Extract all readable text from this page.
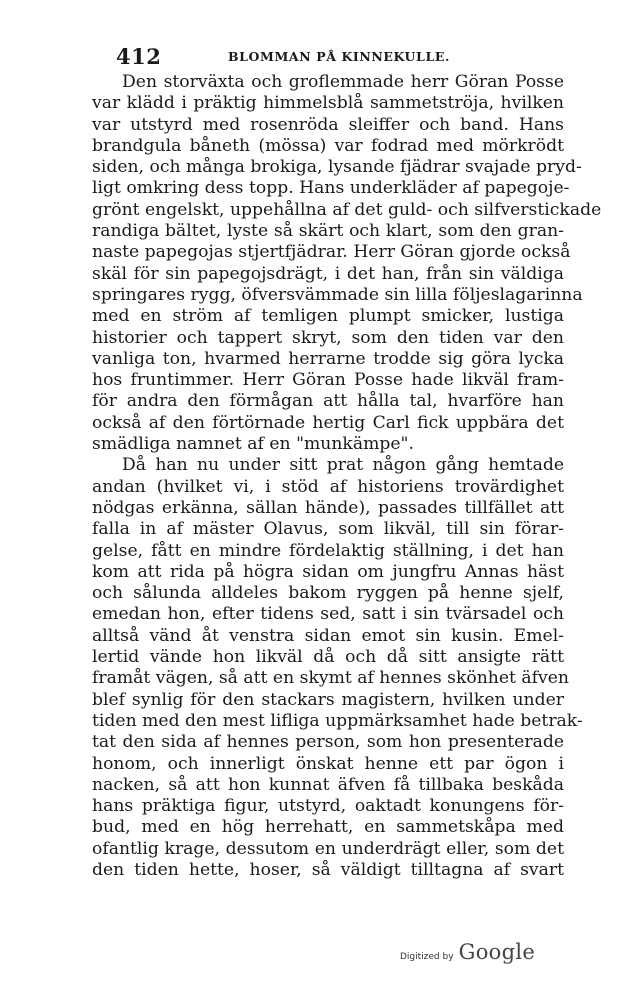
412	BLOMMAN PÅ KINNEKULLE.
Den storväxta och groflemmade herr Göran Posse
var klädd i präktig himmelsblå sammetströja, hvilken
var utstyrd med rosenröda sleiffer och band. Hans
brandgula båneth (mössa) var fodrad med mörkrödt
siden, och många brokiga, lysande fjädrar svajade pryd-
ligt omkring dess topp. Hans underkläder af papegoje-
grönt engelskt, uppehållna af det guld- och silfverstickade
randiga bältet, lyste så skärt och klart, som den gran-
naste papegojas stjertfjädrar. Herr Göran gjorde också
skäl för sin papegojsdrägt, i det han, från sin väldiga
springares rygg, öfversvämmade sin lilla följeslagarinna
med en ström af temligen plumpt smicker, lustiga
historier och tappert skryt, som den tiden var den
vanliga ton, hvarmed herrarne trodde sig göra lycka
hos fruntimmer. Herr Göran Posse hade likväl fram-
för andra den förmågan att hålla tal, hvarföre han
också af den förtörnade hertig Carl fick uppbära det
smädliga namnet af en "munkämpe".
Då han nu under sitt prat någon gång hemtade
andan (hvilket vi, i stöd af historiens trovärdighet
nödgas erkänna, sällan hände), passades tillfället att
falla in af mäster Olavus, som likväl, till sin förar-
gelse, fått en mindre fördelaktig ställning, i det han
kom att rida på högra sidan om jungfru Annas häst
och sålunda alldeles bakom ryggen på henne sjelf,
emedan hon, efter tidens sed, satt i sin tvärsadel och
alltså vänd åt venstra sidan emot sin kusin. Emel-
lertid vände hon likväl då och då sitt ansigte rätt
framåt vägen, så att en skymt af hennes skönhet äfven
blef synlig för den stackars magistern, hvilken under
tiden med den mest lifliga uppmärksamhet hade betrak-
tat den sida af hennes person, som hon presenterade
honom, och innerligt önskat henne ett par ögon i
nacken, så att hon kunnat äfven få tillbaka beskåda
hans präktiga figur, utstyrd, oaktadt konungens för-
bud, med en hög herrehatt, en sammetskåpa med
ofantlig krage, dessutom en underdrägt eller, som det
den tiden hette, hoser, så väldigt tilltagna af svart
Digitized by Google
